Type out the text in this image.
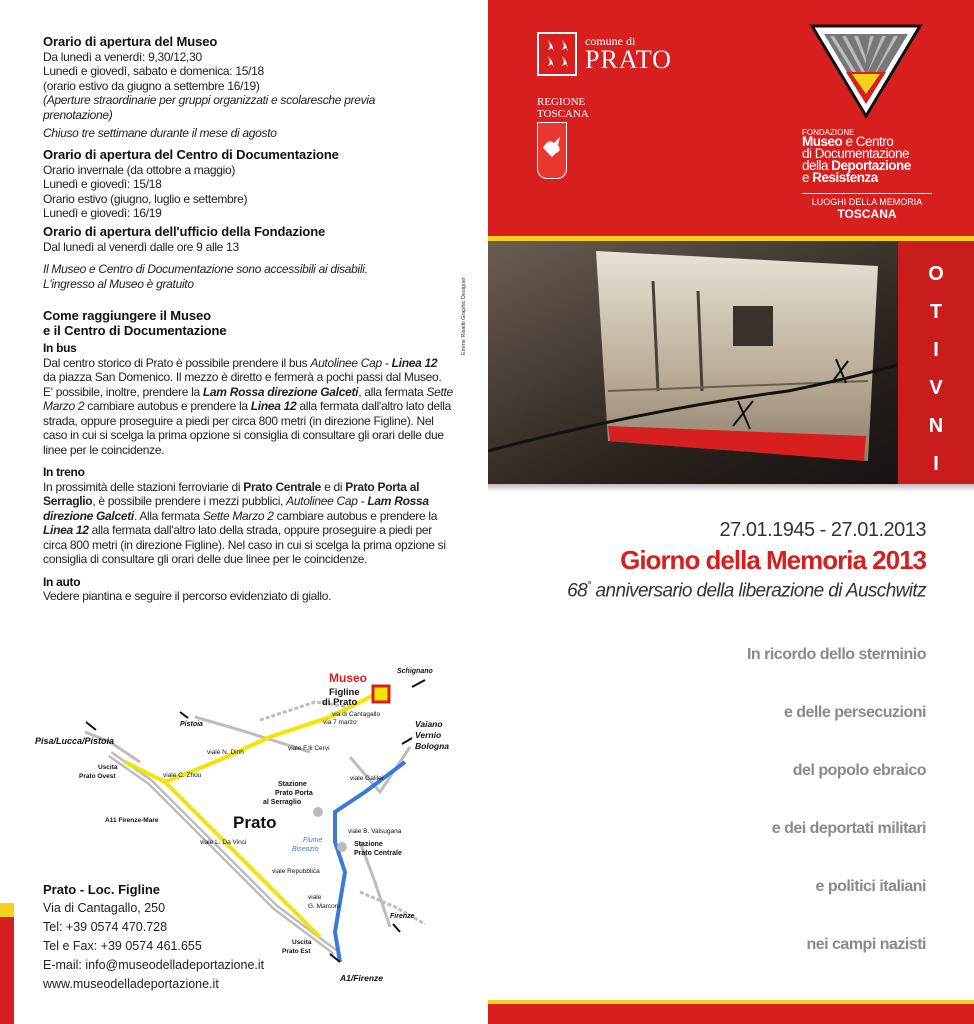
Orario di apertura del Museo
Da lunedì a venerdì: 9,30/12,30
Lunedì e giovedì, sabato e domenica: 15/18
(orario estivo da giugno a settembre 16/19)
(Aperture straordinarie per gruppi organizzati e scolaresche previa prenotazione)
Chiuso tre settimane durante il mese di agosto
Orario di apertura del Centro di Documentazione
Orario invernale (da ottobre a maggio)
Lunedì e giovedì: 15/18
Orario estivo (giugno, luglio e settembre)
Lunedì e giovedì: 16/19
Orario di apertura dell'ufficio della Fondazione
Dal lunedì al venerdì dalle ore 9 alle 13
Il Museo e Centro di Documentazione sono accessibili ai disabili.
L'ingresso al Museo è gratuito	Emme Risaliti Graphic Designer
Come raggiungere il Museo
e il Centro di Documentazione
In bus
Dal centro storico di Prato è possibile prendere il bus Autolinee Cap - Linea 12 da piazza San Domenico. Il mezzo è diretto e fermerà a pochi passi dal Museo. E' possibile, inoltre, prendere la Lam Rossa direzione Galceti, alla fermata Sette Marzo 2 cambiare autobus e prendere la Linea 12 alla fermata dall'altro lato della strada, oppure proseguire a piedi per circa 800 metri (in direzione Figline). Nel caso in cui si scelga la prima opzione si consiglia di consultare gli orari delle due linee per le coincidenze.
In treno
In prossimità delle stazioni ferroviarie di Prato Centrale e di Prato Porta al Serraglio, è possibile prendere i mezzi pubblici, Autolinee Cap - Lam Rossa direzione Galceti. Alla fermata Sette Marzo 2 cambiare autobus e prendere la Linea 12 alla fermata dall'altro lato della strada, oppure proseguire a piedi per circa 800 metri (in direzione Figline). Nel caso in cui si scelga la prima opzione si consiglia di consultare gli orari delle due linee per le coincidenze.
In auto
Vedere piantina e seguire il percorso evidenziato di giallo.
Museo
Figline
di Prato
Schignano
via di Cantagallo
via 7 marzo
Pistoia
Pisa/Lucca/Pistoia
Vaiano
Vernio
Bologna
viale N. Dinh
viale F.lli Cervi
Uscita
Prato Ovest	viale C. Zhou	viale Galilei
Stazione
Prato Porta
al Serraglio
A11 Firenze-Mare	Prato
Fiume
Bisenzio
viale B. Valsugana
viale L. Da Vinci	Stazione
Prato Centrale
viale Repubblica
viale
G. Marconi
Firenze
Uscita
Prato Est
A1/Firenze
Prato - Loc. Figline
Via di Cantagallo, 250
Tel: +39 0574 470.728
Tel e Fax: +39 0574 461.655
E-mail: info@museodelladeportazione.it
www.museodelladeportazione.it
comune di
PRATO
REGIONE
TOSCANA
FONDAZIONE
Museo e Centro
di Documentazione
della Deportazione
e Resistenza
LUOGHI DELLA MEMORIA
TOSCANA
O
T
I
V
N
I
27.01.1945 - 27.01.2013
Giorno della Memoria 2013
68° anniversario della liberazione di Auschwitz
In ricordo dello sterminio
e delle persecuzioni
del popolo ebraico
e dei deportati militari
e politici italiani
nei campi nazisti
